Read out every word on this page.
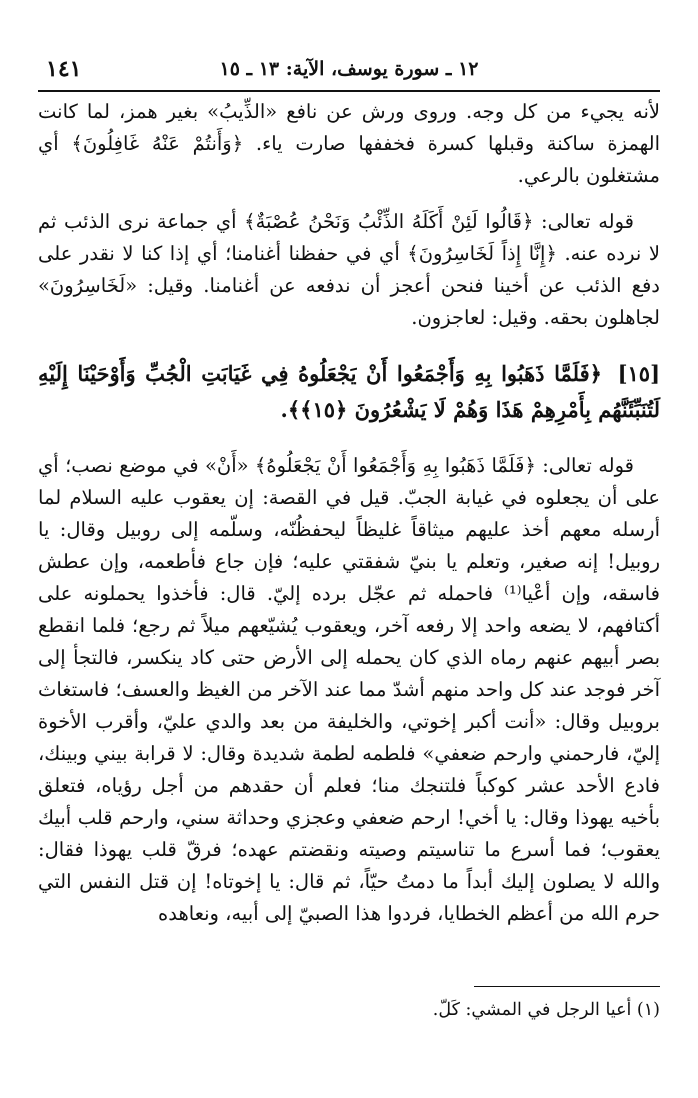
١٢ ـ سورة يوسف، الآية: ١٣ ـ ١٥
١٤١

لأنه يجيء من كل وجه. وروى ورش عن نافع «الذِّيبُ» بغير همز، لما كانت الهمزة ساكنة وقبلها كسرة فخففها صارت ياء. ﴿وَأَنتُمْ عَنْهُ غَافِلُونَ﴾ أي مشتغلون بالرعي.

قوله تعالى: ﴿قَالُوا لَئِنْ أَكَلَهُ الذِّئْبُ وَنَحْنُ عُصْبَةٌ﴾ أي جماعة نرى الذئب ثم لا نرده عنه. ﴿إِنَّا إِذاً لَخَاسِرُونَ﴾ أي في حفظنا أغنامنا؛ أي إذا كنا لا نقدر على دفع الذئب عن أخينا فنحن أعجز أن ندفعه عن أغنامنا. وقيل: «لَخَاسِرُونَ» لجاهلون بحقه. وقيل: لعاجزون.

[١٥] ﴿فَلَمَّا ذَهَبُوا بِهِ وَأَجْمَعُوا أَنْ يَجْعَلُوهُ فِي غَيَابَتِ الْجُبِّ وَأَوْحَيْنَا إِلَيْهِ لَتُنَبِّئَنَّهُم بِأَمْرِهِمْ هَذَا وَهُمْ لَا يَشْعُرُونَ ﴿١٥﴾﴾.

قوله تعالى: ﴿فَلَمَّا ذَهَبُوا بِهِ وَأَجْمَعُوا أَنْ يَجْعَلُوهُ﴾ «أَنْ» في موضع نصب؛ أي على أن يجعلوه في غيابة الجبّ. قيل في القصة: إن يعقوب عليه السلام لما أرسله معهم أخذ عليهم ميثاقاً غليظاً ليحفظُنّه، وسلّمه إلى روبيل وقال: يا روبيل! إنه صغير، وتعلم يا بنيّ شفقتي عليه؛ فإن جاع فأطعمه، وإن عطش فاسقه، وإن أعْيا⁽¹⁾ فاحمله ثم عجّل برده إليّ. قال: فأخذوا يحملونه على أكتافهم، لا يضعه واحد إلا رفعه آخر، ويعقوب يُشيّعهم ميلاً ثم رجع؛ فلما انقطع بصر أبيهم عنهم رماه الذي كان يحمله إلى الأرض حتى كاد ينكسر، فالتجأ إلى آخر فوجد عند كل واحد منهم أشدّ مما عند الآخر من الغيظ والعسف؛ فاستغاث بروبيل وقال: «أنت أكبر إخوتي، والخليفة من بعد والدي عليّ، وأقرب الأخوة إليّ، فارحمني وارحم ضعفي» فلطمه لطمة شديدة وقال: لا قرابة بيني وبينك، فادع الأحد عشر كوكباً فلتنجك منا؛ فعلم أن حقدهم من أجل رؤياه، فتعلق بأخيه يهوذا وقال: يا أخي! ارحم ضعفي وعجزي وحداثة سني، وارحم قلب أبيك يعقوب؛ فما أسرع ما تناسيتم وصيته ونقضتم عهده؛ فرقّ قلب يهوذا فقال: والله لا يصلون إليك أبداً ما دمتُ حيّاً، ثم قال: يا إخوتاه! إن قتل النفس التي حرم الله من أعظم الخطايا، فردوا هذا الصبيّ إلى أبيه، ونعاهده

(١) أعيا الرجل في المشي: كَلّ.
